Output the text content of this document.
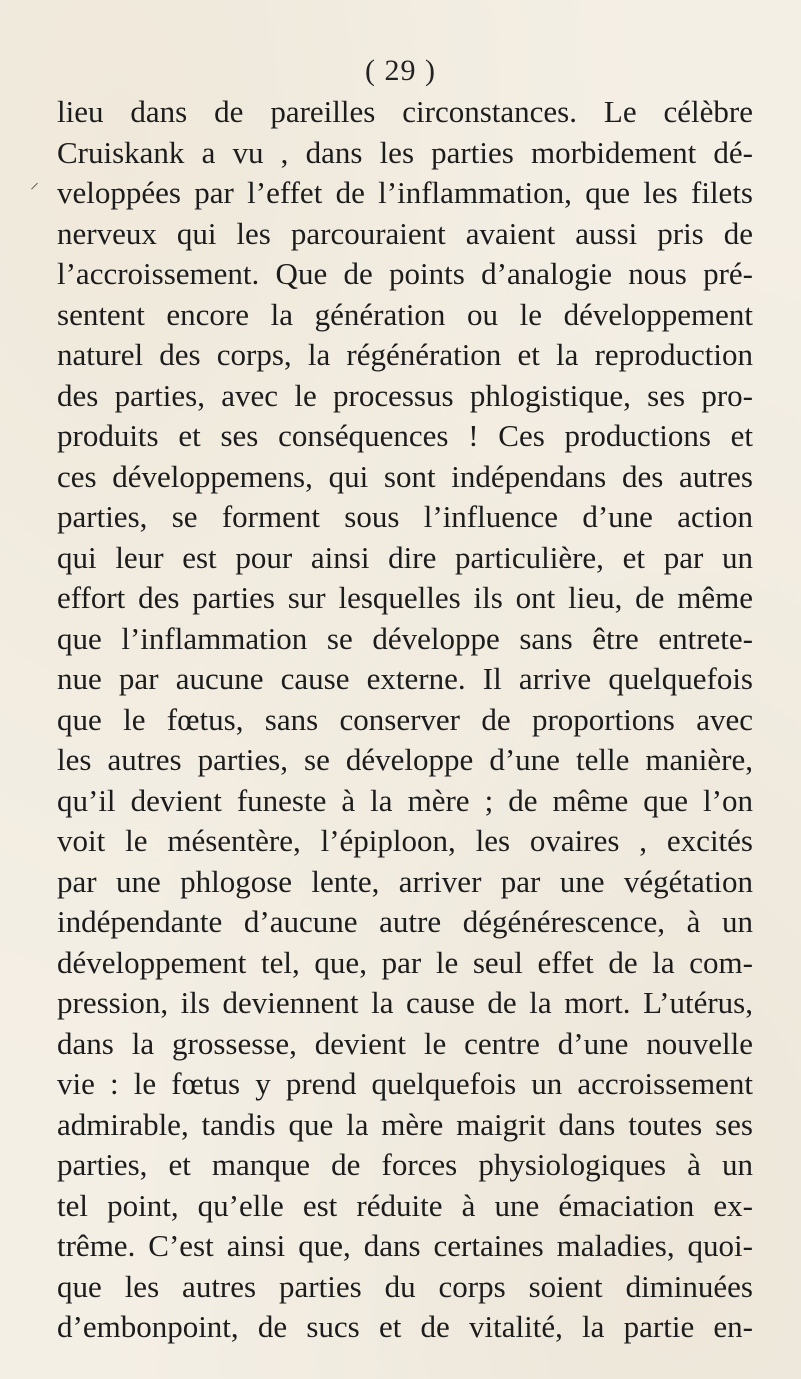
( 29 )
⸝
lieu dans de pareilles circonstances. Le célèbre
Cruiskank a vu , dans les parties morbidement dé-
veloppées par l’effet de l’inflammation, que les filets
nerveux qui les parcouraient avaient aussi pris de
l’accroissement. Que de points d’analogie nous pré-
sentent encore la génération ou le développement
naturel des corps, la régénération et la reproduction
des parties, avec le processus phlogistique, ses pro-
produits et ses conséquences ! Ces productions et
ces développemens, qui sont indépendans des autres
parties, se forment sous l’influence d’une action
qui leur est pour ainsi dire particulière, et par un
effort des parties sur lesquelles ils ont lieu, de même
que l’inflammation se développe sans être entrete-
nue par aucune cause externe. Il arrive quelquefois
que le fœtus, sans conserver de proportions avec
les autres parties, se développe d’une telle manière,
qu’il devient funeste à la mère ; de même que l’on
voit le mésentère, l’épiploon, les ovaires , excités
par une phlogose lente, arriver par une végétation
indépendante d’aucune autre dégénérescence, à un
développement tel, que, par le seul effet de la com-
pression, ils deviennent la cause de la mort. L’utérus,
dans la grossesse, devient le centre d’une nouvelle
vie : le fœtus y prend quelquefois un accroissement
admirable, tandis que la mère maigrit dans toutes ses
parties, et manque de forces physiologiques à un
tel point, qu’elle est réduite à une émaciation ex-
trême. C’est ainsi que, dans certaines maladies, quoi-
que les autres parties du corps soient diminuées
d’embonpoint, de sucs et de vitalité, la partie en-
